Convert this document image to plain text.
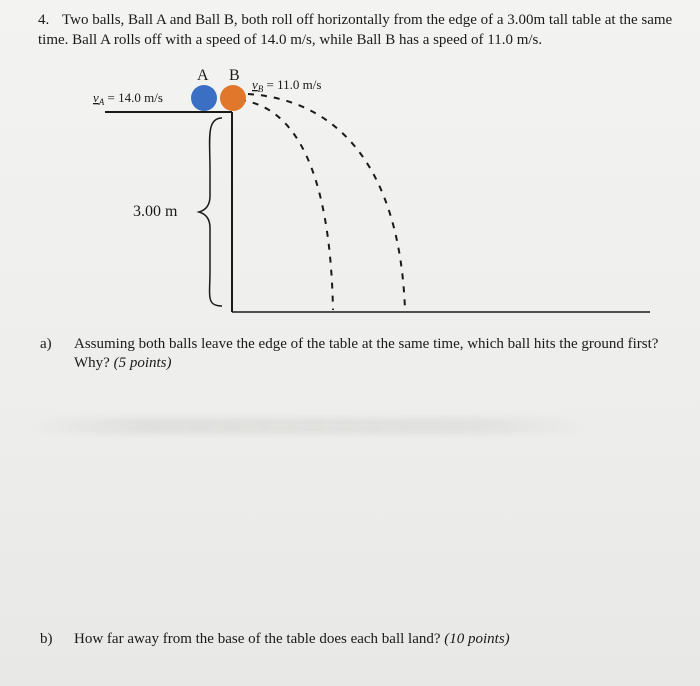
4. Two balls, Ball A and Ball B, both roll off horizontally from the edge of a 3.00m tall table at the same time. Ball A rolls off with a speed of 14.0 m/s, while Ball B has a speed of 11.0 m/s.
A B
$v_A = 14.0$ m/s
$v_B = 11.0$ m/s
3.00 m
a)	Assuming both balls leave the edge of the table at the same time, which ball hits the ground first? Why? (5 points)
b)	How far away from the base of the table does each ball land? (10 points)
